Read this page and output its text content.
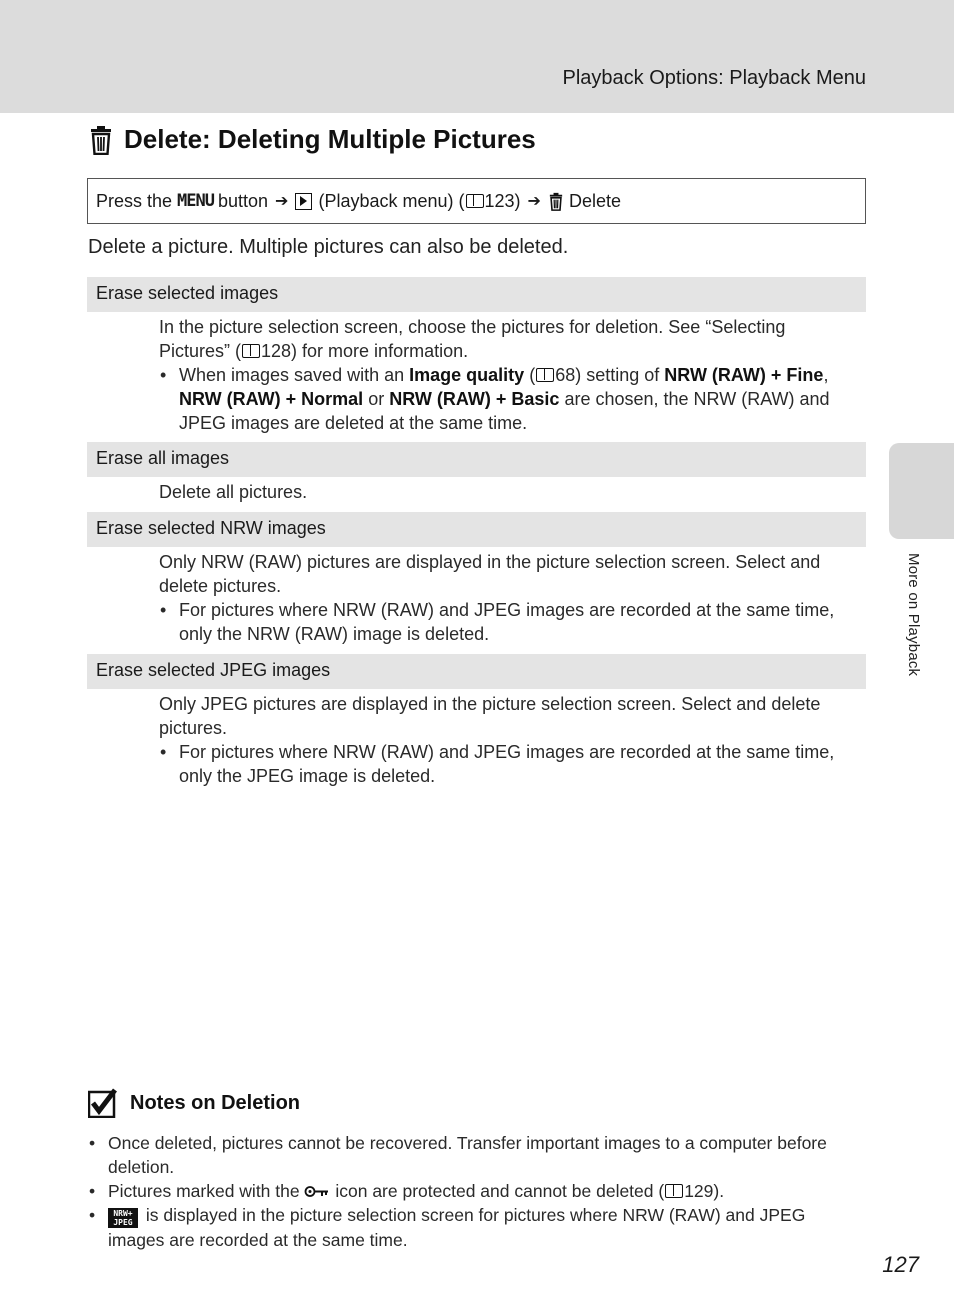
Playback Options: Playback Menu
Delete: Deleting Multiple Pictures
Press the MENU button ➔ (Playback menu) ( 123) ➔ Delete
Delete a picture. Multiple pictures can also be deleted.
Erase selected images

In the picture selection screen, choose the pictures for deletion. See “Selecting Pictures” ( 128) for more information.

• When images saved with an Image quality ( 68) setting of NRW (RAW) + Fine, NRW (RAW) + Normal or NRW (RAW) + Basic are chosen, the NRW (RAW) and JPEG images are deleted at the same time.

Erase all images

Delete all pictures.

Erase selected NRW images

Only NRW (RAW) pictures are displayed in the picture selection screen. Select and delete pictures.

• For pictures where NRW (RAW) and JPEG images are recorded at the same time, only the NRW (RAW) image is deleted.

Erase selected JPEG images

Only JPEG pictures are displayed in the picture selection screen. Select and delete pictures.

• For pictures where NRW (RAW) and JPEG images are recorded at the same time, only the JPEG image is deleted.

Notes on Deletion

• Once deleted, pictures cannot be recovered. Transfer important images to a computer before deletion.

• Pictures marked with the icon are protected and cannot be deleted ( 129).

• NRW+
JPEG is displayed in the picture selection screen for pictures where NRW (RAW) and JPEG images are recorded at the same time.

More on Playback
127
